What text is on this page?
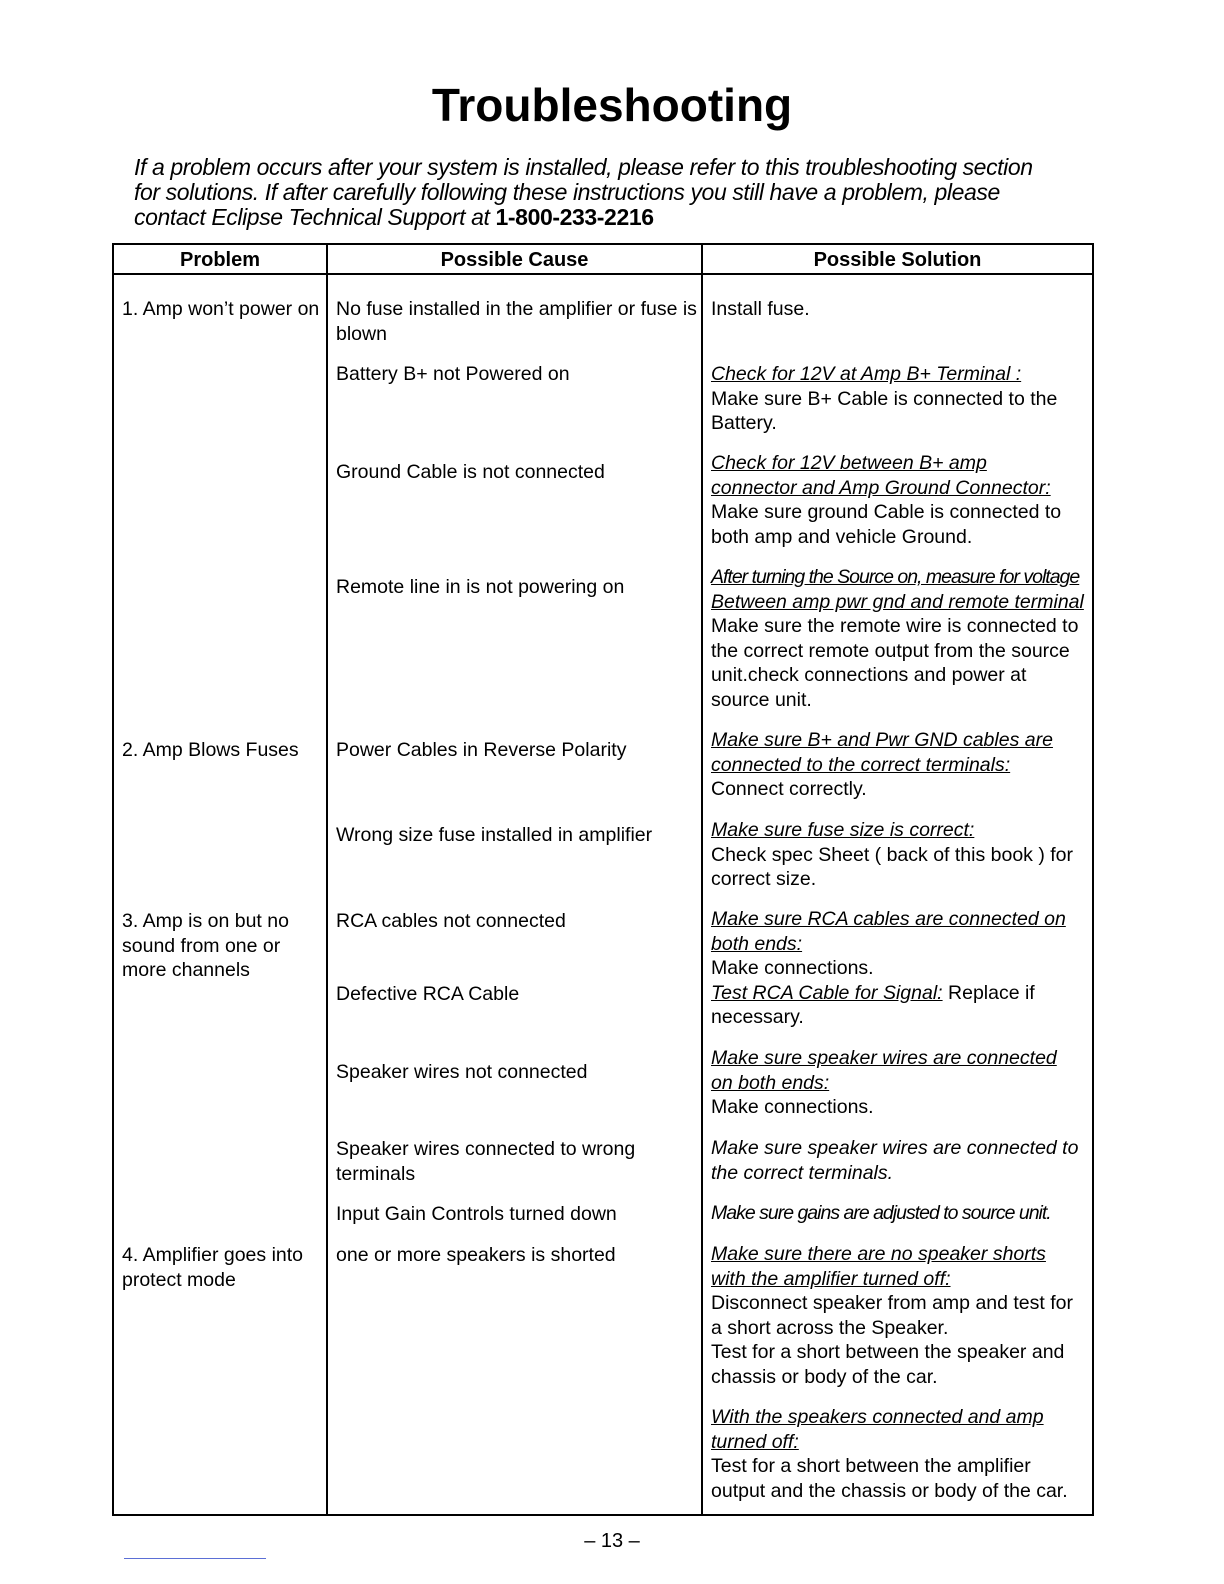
Troubleshooting
If a problem occurs after your system is installed, please refer to this troubleshooting section
for solutions. If after carefully following these instructions you still have a problem, please
contact Eclipse Technical Support at 1-800-233-2216
Problem	Possible Cause	Possible Solution
1. Amp won’t power on
2. Amp Blows Fuses
3. Amp is on but no sound from one or more channels
4. Amplifier goes into protect mode
No fuse installed in the amplifier or fuse is blown
Battery B+ not Powered on
Ground Cable is not connected
Remote line in is not powering on
Power Cables in Reverse Polarity
Wrong size fuse installed in amplifier
RCA cables not connected
Defective RCA Cable
Speaker wires not connected
Speaker wires connected to wrong terminals
Input Gain Controls turned down
one or more speakers is shorted
Install fuse.
Check for 12V at Amp B+ Terminal :
Make sure B+ Cable is connected to the Battery.
Check for 12V between B+ amp connector and Amp Ground Connector:
Make sure ground Cable is connected to both amp and vehicle Ground.
After turning the Source on, measure for voltage
Between amp pwr gnd and remote terminal
Make sure the remote wire is connected to the correct remote output from the source unit.check connections and power at source unit.
Make sure B+ and Pwr GND cables are connected to the correct terminals:
Connect correctly.
Make sure fuse size is correct:
Check spec Sheet ( back of this book ) for correct size.
Make sure RCA cables are connected on both ends:
Make connections.
Test RCA Cable for Signal: Replace if necessary.
Make sure speaker wires are connected on both ends:
Make connections.
Make sure speaker wires are connected to the correct terminals.
Make sure gains are adjusted to source unit.
Make sure there are no speaker shorts with the amplifier turned off:
Disconnect speaker from amp and test for a short across the Speaker.
Test for a short between the speaker and chassis or body of the car.
With the speakers connected and amp turned off:
Test for a short between the amplifier output and the chassis or body of the car.
– 13 –
